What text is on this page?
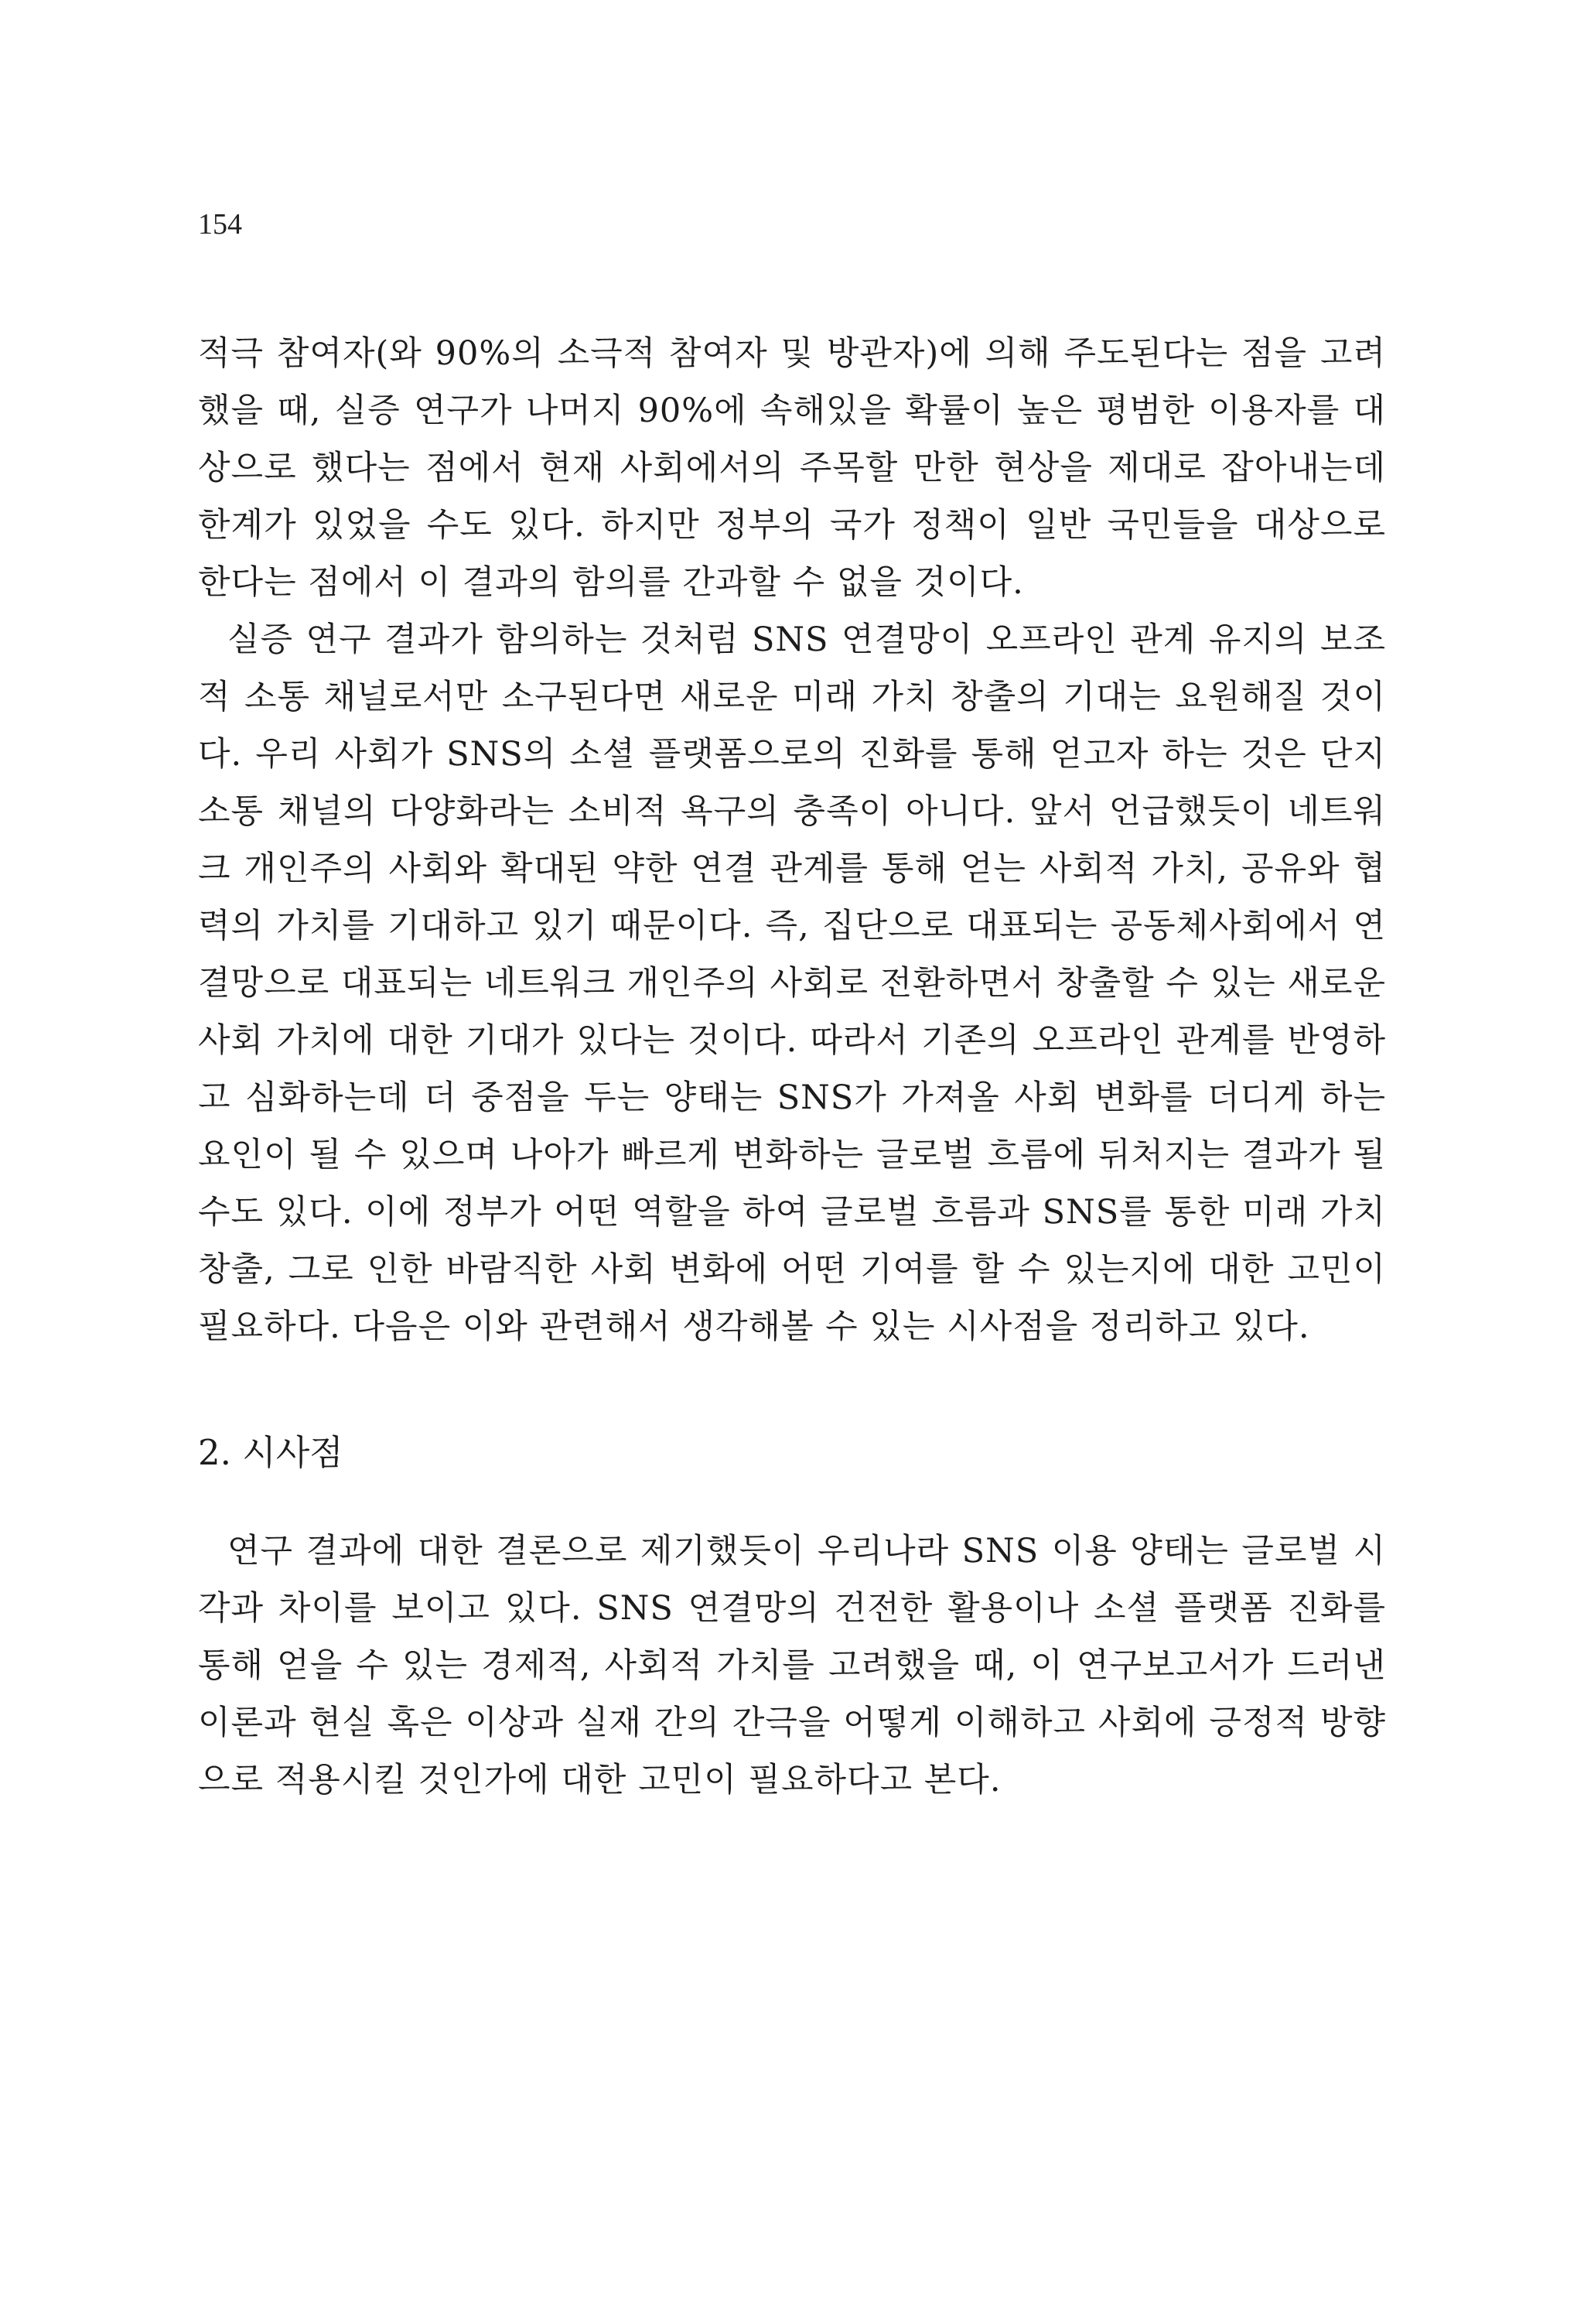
154

적극 참여자(와 90%의 소극적 참여자 및 방관자)에 의해 주도된다는 점을 고려했을 때, 실증 연구가 나머지 90%에 속해있을 확률이 높은 평범한 이용자를 대상으로 했다는 점에서 현재 사회에서의 주목할 만한 현상을 제대로 잡아내는데 한계가 있었을 수도 있다. 하지만 정부의 국가 정책이 일반 국민들을 대상으로 한다는 점에서 이 결과의 함의를 간과할 수 없을 것이다.

실증 연구 결과가 함의하는 것처럼 SNS 연결망이 오프라인 관계 유지의 보조적 소통 채널로서만 소구된다면 새로운 미래 가치 창출의 기대는 요원해질 것이다. 우리 사회가 SNS의 소셜 플랫폼으로의 진화를 통해 얻고자 하는 것은 단지 소통 채널의 다양화라는 소비적 욕구의 충족이 아니다. 앞서 언급했듯이 네트워크 개인주의 사회와 확대된 약한 연결 관계를 통해 얻는 사회적 가치, 공유와 협력의 가치를 기대하고 있기 때문이다. 즉, 집단으로 대표되는 공동체사회에서 연결망으로 대표되는 네트워크 개인주의 사회로 전환하면서 창출할 수 있는 새로운 사회 가치에 대한 기대가 있다는 것이다. 따라서 기존의 오프라인 관계를 반영하고 심화하는데 더 중점을 두는 양태는 SNS가 가져올 사회 변화를 더디게 하는 요인이 될 수 있으며 나아가 빠르게 변화하는 글로벌 흐름에 뒤처지는 결과가 될 수도 있다. 이에 정부가 어떤 역할을 하여 글로벌 흐름과 SNS를 통한 미래 가치 창출, 그로 인한 바람직한 사회 변화에 어떤 기여를 할 수 있는지에 대한 고민이 필요하다. 다음은 이와 관련해서 생각해볼 수 있는 시사점을 정리하고 있다.

2. 시사점

연구 결과에 대한 결론으로 제기했듯이 우리나라 SNS 이용 양태는 글로벌 시각과 차이를 보이고 있다. SNS 연결망의 건전한 활용이나 소셜 플랫폼 진화를 통해 얻을 수 있는 경제적, 사회적 가치를 고려했을 때, 이 연구보고서가 드러낸 이론과 현실 혹은 이상과 실재 간의 간극을 어떻게 이해하고 사회에 긍정적 방향으로 적용시킬 것인가에 대한 고민이 필요하다고 본다.
